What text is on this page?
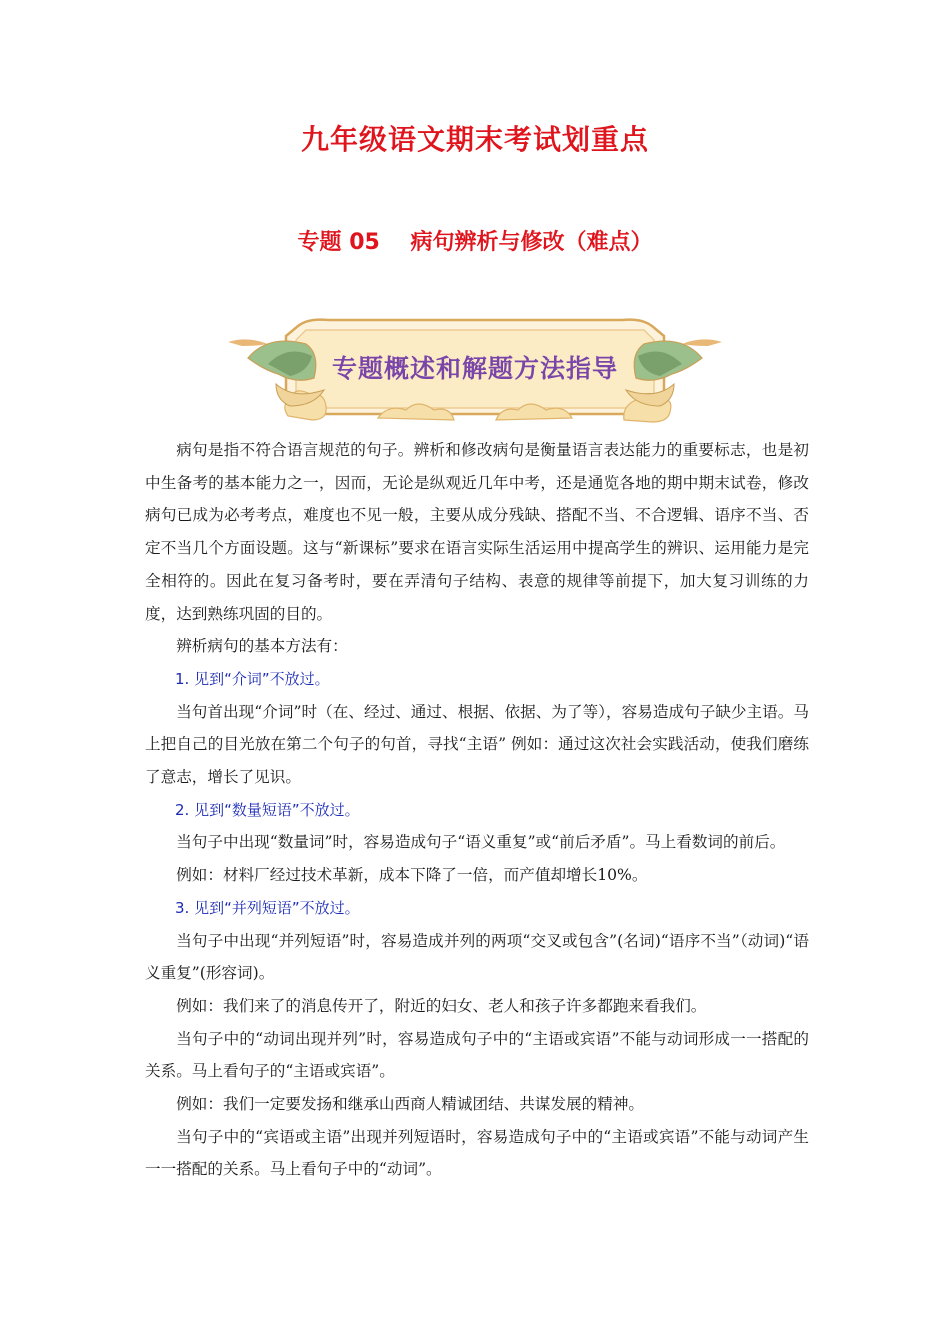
九年级语文期末考试划重点
专题 05    病句辨析与修改（难点）
专题概述和解题方法指导

病句是指不符合语言规范的句子。辨析和修改病句是衡量语言表达能力的重要标志，也是初中生备考的基本能力之一，因而，无论是纵观近几年中考，还是通览各地的期中期末试卷，修改病句已成为必考考点，难度也不见一般，主要从成分残缺、搭配不当、不合逻辑、语序不当、否定不当几个方面设题。这与“新课标”要求在语言实际生活运用中提高学生的辨识、运用能力是完全相符的。因此在复习备考时，要在弄清句子结构、表意的规律等前提下，加大复习训练的力度，达到熟练巩固的目的。

辨析病句的基本方法有：

1. 见到“介词”不放过。

当句首出现“介词”时（在、经过、通过、根据、依据、为了等），容易造成句子缺少主语。马上把自己的目光放在第二个句子的句首，寻找“主语” 例如：通过这次社会实践活动，使我们磨练了意志，增长了见识。

2. 见到“数量短语”不放过。

当句子中出现“数量词”时，容易造成句子“语义重复”或“前后矛盾”。马上看数词的前后。

例如：材料厂经过技术革新，成本下降了一倍，而产值却增长10%。

3. 见到“并列短语”不放过。

当句子中出现“并列短语”时，容易造成并列的两项“交叉或包含”(名词)“语序不当”（动词)“语义重复”(形容词)。

例如：我们来了的消息传开了，附近的妇女、老人和孩子许多都跑来看我们。

当句子中的“动词出现并列”时，容易造成句子中的“主语或宾语”不能与动词形成一一搭配的关系。马上看句子的“主语或宾语”。

例如：我们一定要发扬和继承山西商人精诚团结、共谋发展的精神。

当句子中的“宾语或主语”出现并列短语时，容易造成句子中的“主语或宾语”不能与动词产生一一搭配的关系。马上看句子中的“动词”。
